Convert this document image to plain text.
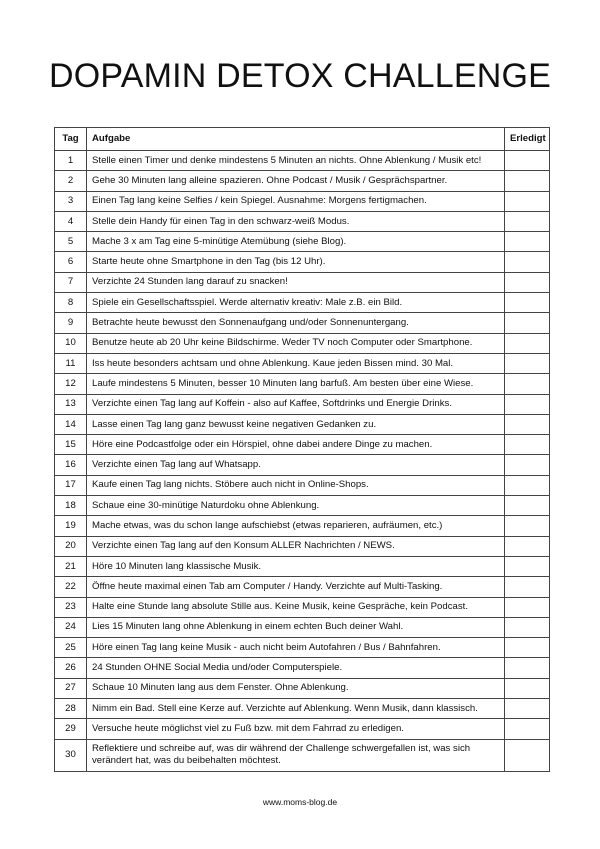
DOPAMIN DETOX CHALLENGE
Tag	Aufgabe	Erledigt
1	Stelle einen Timer und denke mindestens 5 Minuten an nichts. Ohne Ablenkung / Musik etc!	
2	Gehe 30 Minuten lang alleine spazieren. Ohne Podcast / Musik / Gesprächspartner.	
3	Einen Tag lang keine Selfies / kein Spiegel. Ausnahme: Morgens fertigmachen.	
4	Stelle dein Handy für einen Tag in den schwarz-weiß Modus.	
5	Mache 3 x am Tag eine 5-minütige Atemübung (siehe Blog).	
6	Starte heute ohne Smartphone in den Tag (bis 12 Uhr).	
7	Verzichte 24 Stunden lang darauf zu snacken!	
8	Spiele ein Gesellschaftsspiel. Werde alternativ kreativ: Male z.B. ein Bild.	
9	Betrachte heute bewusst den Sonnenaufgang und/oder Sonnenuntergang.	
10	Benutze heute ab 20 Uhr keine Bildschirme. Weder TV noch Computer oder Smartphone.	
11	Iss heute besonders achtsam und ohne Ablenkung. Kaue jeden Bissen mind. 30 Mal.	
12	Laufe mindestens 5 Minuten, besser 10 Minuten lang barfuß. Am besten über eine Wiese.	
13	Verzichte einen Tag lang auf Koffein - also auf Kaffee, Softdrinks und Energie Drinks.	
14	Lasse einen Tag lang ganz bewusst keine negativen Gedanken zu.	
15	Höre eine Podcastfolge oder ein Hörspiel, ohne dabei andere Dinge zu machen.	
16	Verzichte einen Tag lang auf Whatsapp.	
17	Kaufe einen Tag lang nichts. Stöbere auch nicht in Online-Shops.	
18	Schaue eine 30-minütige Naturdoku ohne Ablenkung.	
19	Mache etwas, was du schon lange aufschiebst (etwas reparieren, aufräumen, etc.)	
20	Verzichte einen Tag lang auf den Konsum ALLER Nachrichten / NEWS.	
21	Höre 10 Minuten lang klassische Musik.	
22	Öffne heute maximal einen Tab am Computer / Handy. Verzichte auf Multi-Tasking.	
23	Halte eine Stunde lang absolute Stille aus. Keine Musik, keine Gespräche, kein Podcast.	
24	Lies 15 Minuten lang ohne Ablenkung in einem echten Buch deiner Wahl.	
25	Höre einen Tag lang keine Musik - auch nicht beim Autofahren / Bus / Bahnfahren.	
26	24 Stunden OHNE Social Media und/oder Computerspiele.	
27	Schaue 10 Minuten lang aus dem Fenster. Ohne Ablenkung.	
28	Nimm ein Bad. Stell eine Kerze auf. Verzichte auf Ablenkung. Wenn Musik, dann klassisch.	
29	Versuche heute möglichst viel zu Fuß bzw. mit dem Fahrrad zu erledigen.	
30	Reflektiere und schreibe auf, was dir während der Challenge schwergefallen ist, was sich verändert hat, was du beibehalten möchtest.	
www.moms-blog.de
